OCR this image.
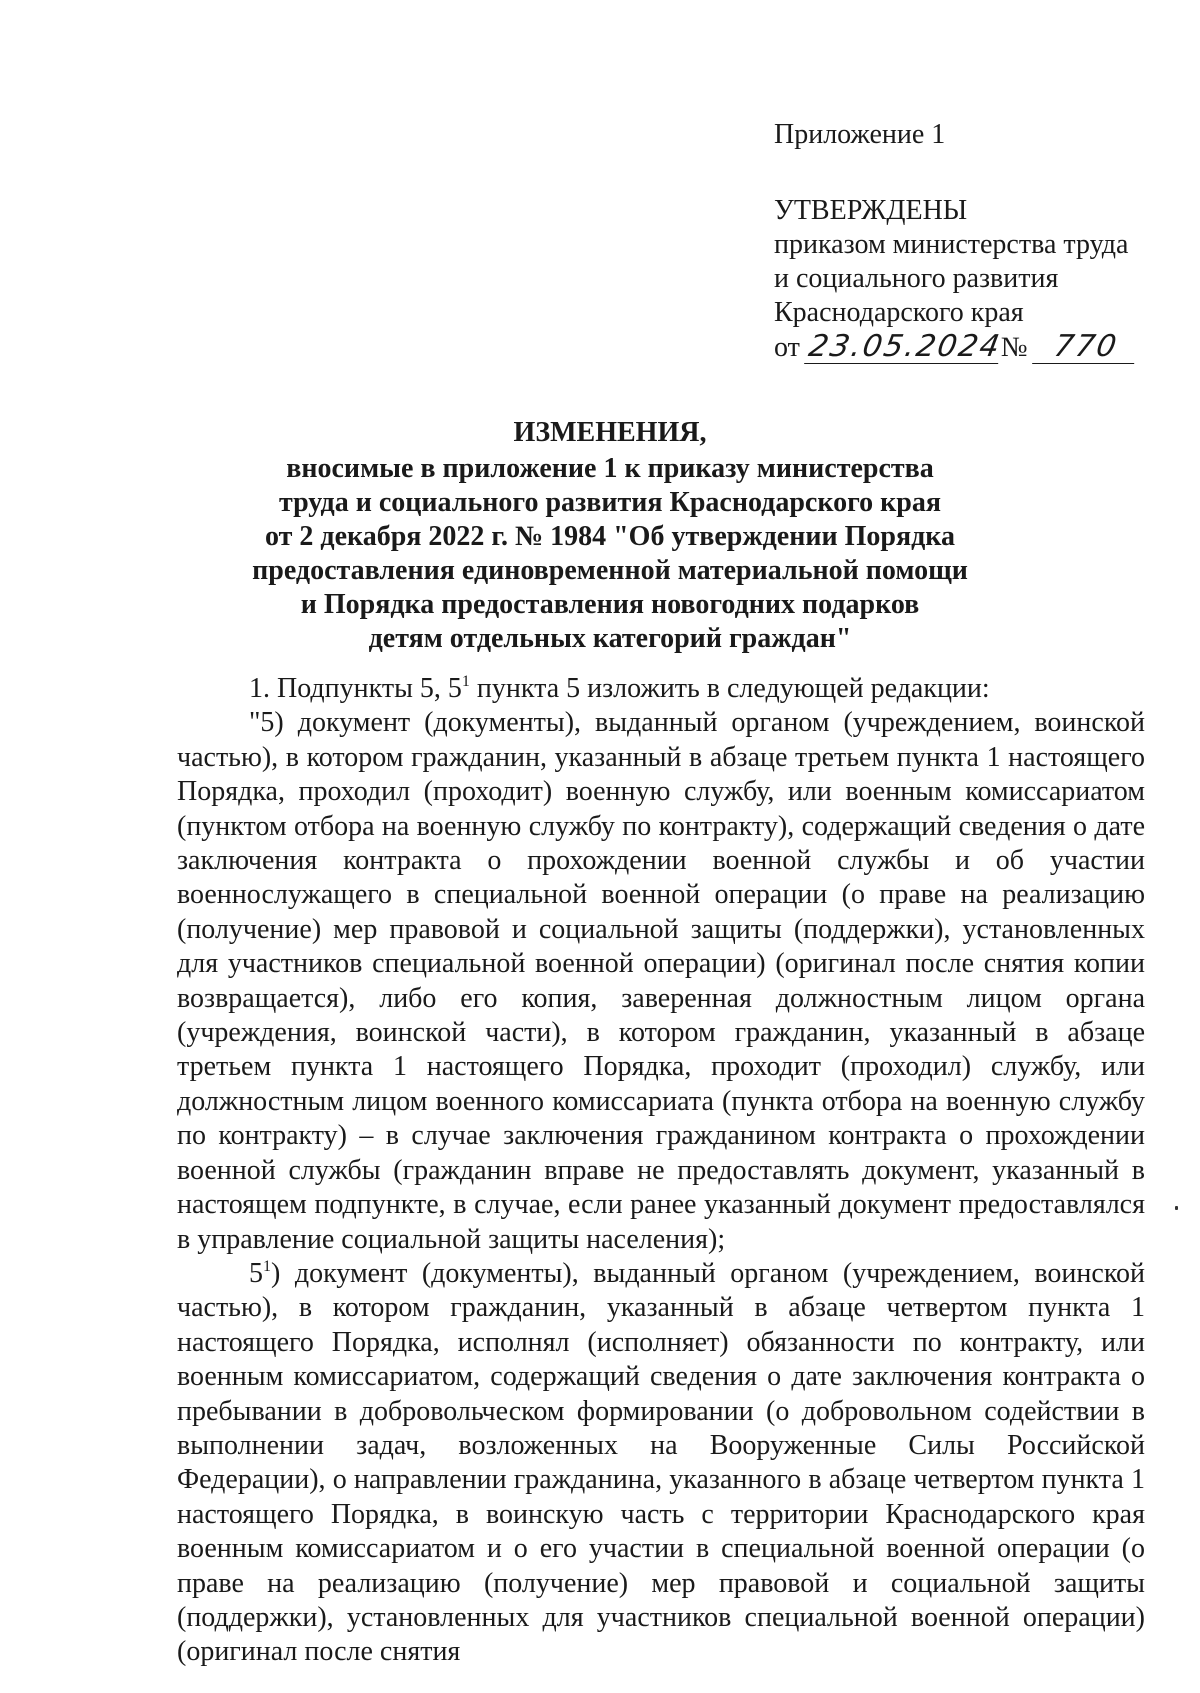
Приложение 1
УТВЕРЖДЕНЫ
приказом министерства труда
и социального развития
Краснодарского края
от 23.05.2024№ 770
ИЗМЕНЕНИЯ,
вносимые в приложение 1 к приказу министерства
труда и социального развития Краснодарского края
от 2 декабря 2022 г. № 1984 "Об утверждении Порядка
предоставления единовременной материальной помощи
и Порядка предоставления новогодних подарков
детям отдельных категорий граждан"

1. Подпункты 5, $5^1$ пункта 5 изложить в следующей редакции:

"5) документ (документы), выданный органом (учреждением, воинской частью), в котором гражданин, указанный в абзаце третьем пункта 1 настоящего Порядка, проходил (проходит) военную службу, или военным комиссариатом (пунктом отбора на военную службу по контракту), содержащий сведения о дате заключения контракта о прохождении военной службы и об участии военнослужащего в специальной военной операции (о праве на реализацию (получение) мер правовой и социальной защиты (поддержки), установленных для участников специальной военной операции) (оригинал после снятия копии возвращается), либо его копия, заверенная должностным лицом органа (учреждения, воинской части), в котором гражданин, указанный в абзаце третьем пункта 1 настоящего Порядка, проходит (проходил) службу, или должностным лицом военного комиссариата (пункта отбора на военную службу по контракту) – в случае заключения гражданином контракта о прохождении военной службы (гражданин вправе не предоставлять документ, указанный в настоящем подпункте, в случае, если ранее указанный документ предоставлялся в управление социальной защиты населения);

$5^1$) документ (документы), выданный органом (учреждением, воинской частью), в котором гражданин, указанный в абзаце четвертом пункта 1 настоящего Порядка, исполнял (исполняет) обязанности по контракту, или военным комиссариатом, содержащий сведения о дате заключения контракта о пребывании в добровольческом формировании (о добровольном содействии в выполнении задач, возложенных на Вооруженные Силы Российской Федерации), о направлении гражданина, указанного в абзаце четвертом пункта 1 настоящего Порядка, в воинскую часть с территории Краснодарского края военным комиссариатом и о его участии в специальной военной операции (о праве на реализацию (получение) мер правовой и социальной защиты (поддержки), установленных для участников специальной военной операции) (оригинал после снятия
